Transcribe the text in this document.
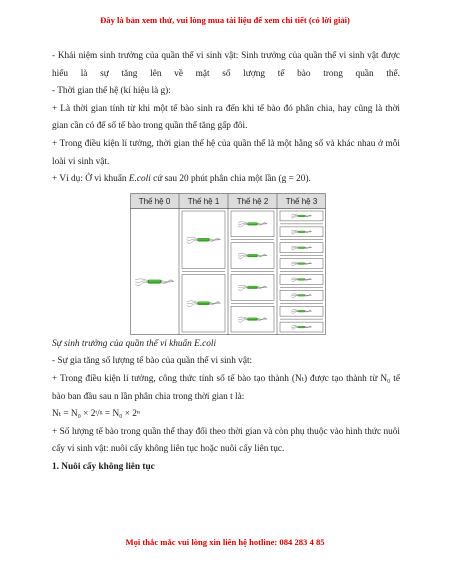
Đây là bản xem thử, vui lòng mua tài liệu để xem chi tiết (có lời giải)

- Khái niệm sinh trưởng của quần thể vi sinh vật: Sinh trưởng của quần thể vi sinh vật được hiểu là sự tăng lên về mặt số lượng tế bào trong quần thể.

- Thời gian thế hệ (kí hiệu là g):

+ Là thời gian tính từ khi một tế bào sinh ra đến khi tế bào đó phân chia, hay cũng là thời gian cần có để số tế bào trong quần thể tăng gấp đôi.

+ Trong điều kiện lí tưởng, thời gian thế hệ của quần thể là một hằng số và khác nhau ở mỗi loài vi sinh vật.

+ Ví dụ: Ở vi khuẩn E.coli cứ sau 20 phút phân chia một lần (g = 20).

Thế hệ 0 Thế hệ 1 Thế hệ 2 Thế hệ 3

Sự sinh trưởng của quần thể vi khuẩn E.coli

- Sự gia tăng số lượng tế bào của quần thể vi sinh vật:

+ Trong điều kiện lí tưởng, công thức tính số tế bào tạo thành (Nₜ) được tạo thành từ N₀ tế bào ban đầu sau n lần phân chia trong thời gian t là:

Nₜ = N₀ × 2ᵗ/ᵍ = N₀ × 2ⁿ

+ Số lượng tế bào trong quần thể thay đổi theo thời gian và còn phụ thuộc vào hình thức nuôi cấy vi sinh vật: nuôi cấy không liên tục hoặc nuôi cấy liên tục.

1. Nuôi cấy không liên tục

Mọi thắc mắc vui lòng xin liên hệ hotline: 084 283 4 85
